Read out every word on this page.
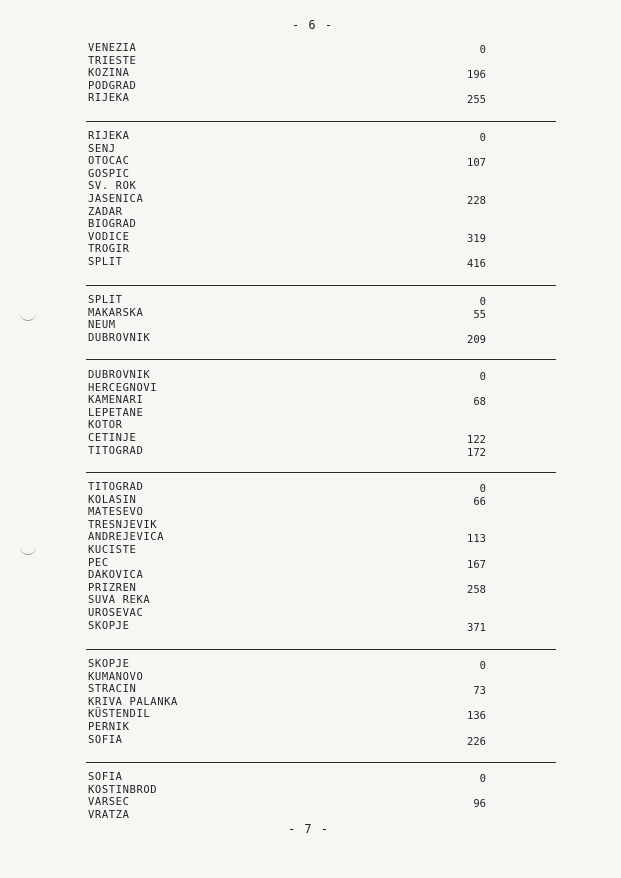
- 6 -
VENEZIA	0
TRIESTE
KOZINA	196
PODGRAD
RIJEKA	255
RIJEKA	0
SENJ
OTOCAC	107
GOSPIC
SV. ROK
JASENICA	228
ZADAR
BIOGRAD
VODICE	319
TROGIR
SPLIT	416
SPLIT	0
MAKARSKA	55
NEUM
DUBROVNIK	209
DUBROVNIK	0
HERCEGNOVI
KAMENARI	68
LEPETANE
KOTOR
CETINJE	122
TITOGRAD	172
TITOGRAD	0
KOLASIN	66
MATESEVO
TRESNJEVIK
ANDREJEVICA	113
KUCISTE
PEC	167
DAKOVICA
PRIZREN	258
SUVA REKA
UROSEVAC
SKOPJE	371
SKOPJE	0
KUMANOVO
STRACIN	73
KRIVA PALANKA
KÜSTENDIL	136
PERNIK
SOFIA	226
SOFIA	0
KOSTINBROD
VARSEC	96
VRATZA
- 7 -
